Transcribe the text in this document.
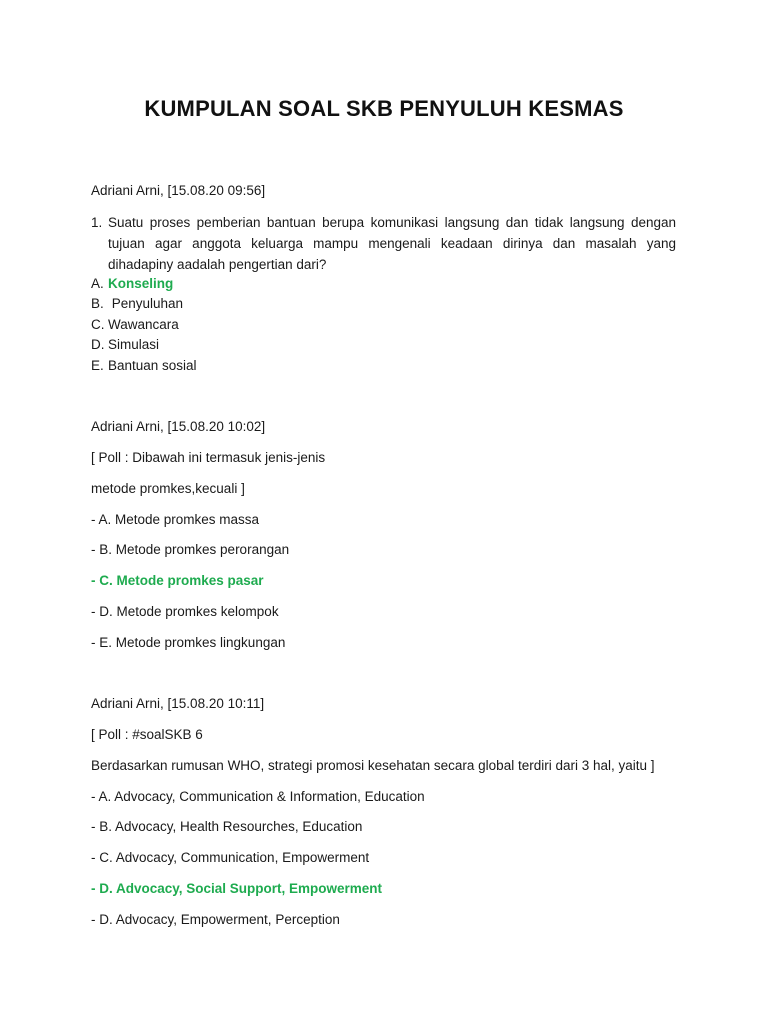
KUMPULAN SOAL SKB PENYULUH KESMAS
Adriani Arni, [15.08.20 09:56]
1. Suatu proses pemberian bantuan berupa komunikasi langsung dan tidak langsung dengan tujuan agar anggota keluarga mampu mengenali keadaan dirinya dan masalah yang dihadapiny aadalah pengertian dari?
A. Konseling
B. Penyuluhan
C. Wawancara
D. Simulasi
E. Bantuan sosial
Adriani Arni, [15.08.20 10:02]
[ Poll : Dibawah ini termasuk jenis-jenis
metode promkes,kecuali ]
- A. Metode promkes massa
- B. Metode promkes perorangan
- C. Metode promkes pasar
- D. Metode promkes kelompok
- E. Metode promkes lingkungan
Adriani Arni, [15.08.20 10:11]
[ Poll : #soalSKB 6
Berdasarkan rumusan WHO, strategi promosi kesehatan secara global terdiri dari 3 hal, yaitu ]
- A. Advocacy, Communication & Information, Education
- B. Advocacy, Health Resourches, Education
- C. Advocacy, Communication, Empowerment
- D. Advocacy, Social Support, Empowerment
- D. Advocacy, Empowerment, Perception
